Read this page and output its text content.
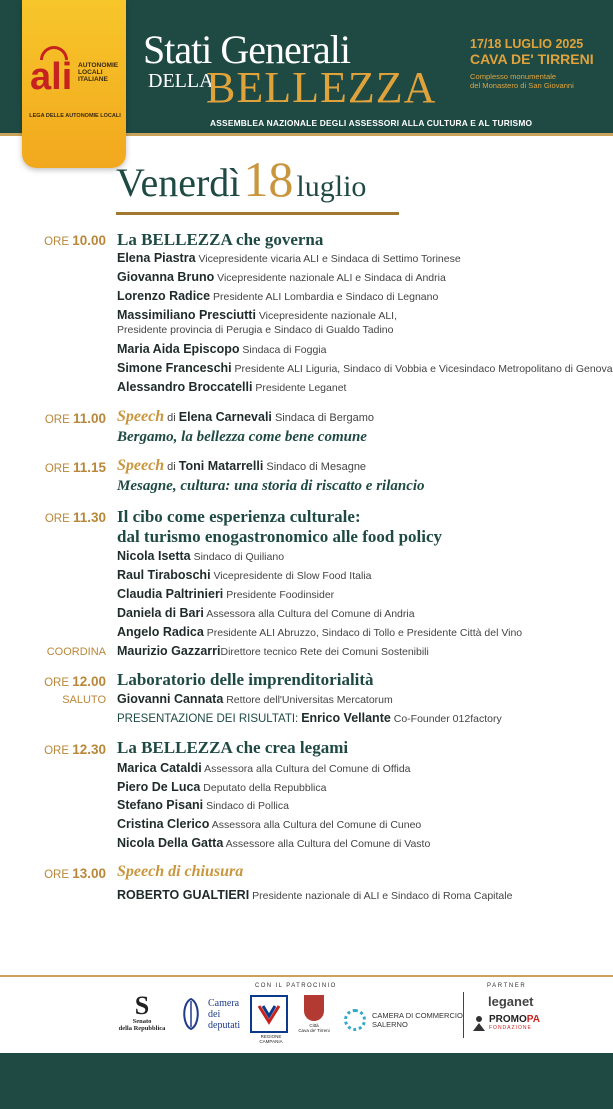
ali AUTONOMIE LOCALI ITALIANE
LEGA DELLE AUTONOMIE LOCALI
Stati Generali
DELLA
BELLEZZA
ASSEMBLEA NAZIONALE DEGLI ASSESSORI ALLA CULTURA E AL TURISMO
17/18 LUGLIO 2025
CAVA DE' TIRRENI
Complesso monumentale
del Monastero di San Giovanni
Venerdì 18 luglio
ORE 10.00 La BELLEZZA che governa
Elena Piastra Vicepresidente vicaria ALI e Sindaca di Settimo Torinese
Giovanna Bruno Vicepresidente nazionale ALI e Sindaca di Andria
Lorenzo Radice Presidente ALI Lombardia e Sindaco di Legnano
Massimiliano Presciutti Vicepresidente nazionale ALI,
Presidente provincia di Perugia e Sindaco di Gualdo Tadino
Maria Aida Episcopo Sindaca di Foggia
Simone Franceschi Presidente ALI Liguria, Sindaco di Vobbia e Vicesindaco Metropolitano di Genova
Alessandro Broccatelli Presidente Leganet
ORE 11.00 Speech di Elena Carnevali Sindaca di Bergamo
Bergamo, la bellezza come bene comune
ORE 11.15 Speech di Toni Matarrelli Sindaco di Mesagne
Mesagne, cultura: una storia di riscatto e rilancio
ORE 11.30 Il cibo come esperienza culturale:
dal turismo enogastronomico alle food policy
Nicola Isetta Sindaco di Quiliano
Raul Tiraboschi Vicepresidente di Slow Food Italia
Claudia Paltrinieri Presidente Foodinsider
Daniela di Bari Assessora alla Cultura del Comune di Andria
Angelo Radica Presidente ALI Abruzzo, Sindaco di Tollo e Presidente Città del Vino
COORDINA Maurizio GazzarriDirettore tecnico Rete dei Comuni Sostenibili
ORE 12.00 Laboratorio delle imprenditorialità
SALUTO Giovanni Cannata Rettore dell'Universitas Mercatorum
PRESENTAZIONE DEI RISULTATI: Enrico Vellante Co-Founder 012factory
ORE 12.30 La BELLEZZA che crea legami
Marica Cataldi Assessora alla Cultura del Comune di Offida
Piero De Luca Deputato della Repubblica
Stefano Pisani Sindaco di Pollica
Cristina Clerico Assessora alla Cultura del Comune di Cuneo
Nicola Della Gatta Assessore alla Cultura del Comune di Vasto
ORE 13.00 Speech di chiusura
ROBERTO GUALTIERI Presidente nazionale di ALI e Sindaco di Roma Capitale
CON IL PATROCINIO	PARTNER
S
Senato
della Repubblica
Camera
dei
deputati
REGIONE CAMPANIA
Città
Cava de' Tirreni

CAMERA DI COMMERCIO
SALERNO
leganet
PROMOPA
FONDAZIONE
